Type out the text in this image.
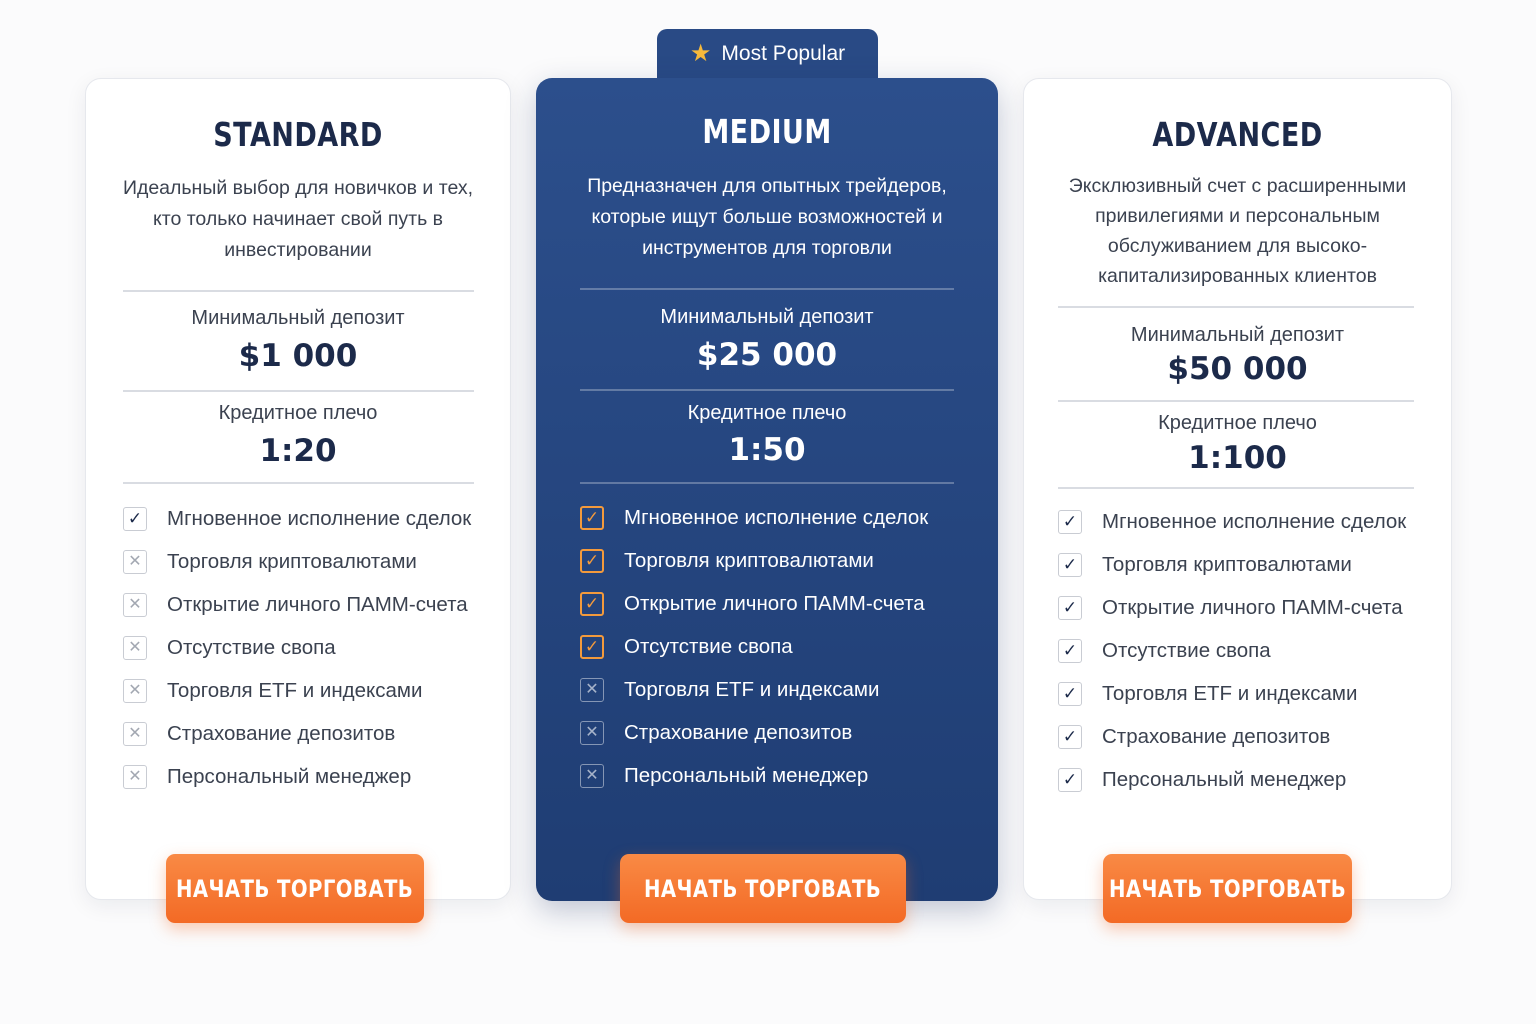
★ Most Popular
STANDARD
Идеальный выбор для новичков и тех,
кто только начинает свой путь в
инвестировании
Минимальный депозит
$1 000
Кредитное плечо
1:20
✓ Мгновенное исполнение сделок
✕ Торговля криптовалютами
✕ Открытие личного ПАММ-счета
✕ Отсутствие свопа
✕ Торговля ETF и индексами
✕ Страхование депозитов
✕ Персональный менеджер
MEDIUM
Предназначен для опытных трейдеров,
которые ищут больше возможностей и
инструментов для торговли
Минимальный депозит
$25 000
Кредитное плечо
1:50
✓ Мгновенное исполнение сделок
✓ Торговля криптовалютами
✓ Открытие личного ПАММ-счета
✓ Отсутствие свопа
✕ Торговля ETF и индексами
✕ Страхование депозитов
✕ Персональный менеджер
ADVANCED
Эксклюзивный счет с расширенными
привилегиями и персональным
обслуживанием для высоко-
капитализированных клиентов
Минимальный депозит
$50 000
Кредитное плечо
1:100
✓ Мгновенное исполнение сделок
✓ Торговля криптовалютами
✓ Открытие личного ПАММ-счета
✓ Отсутствие свопа
✓ Торговля ETF и индексами
✓ Страхование депозитов
✓ Персональный менеджер
НАЧАТЬ ТОРГОВАТЬ	НАЧАТЬ ТОРГОВАТЬ	НАЧАТЬ ТОРГОВАТЬ
